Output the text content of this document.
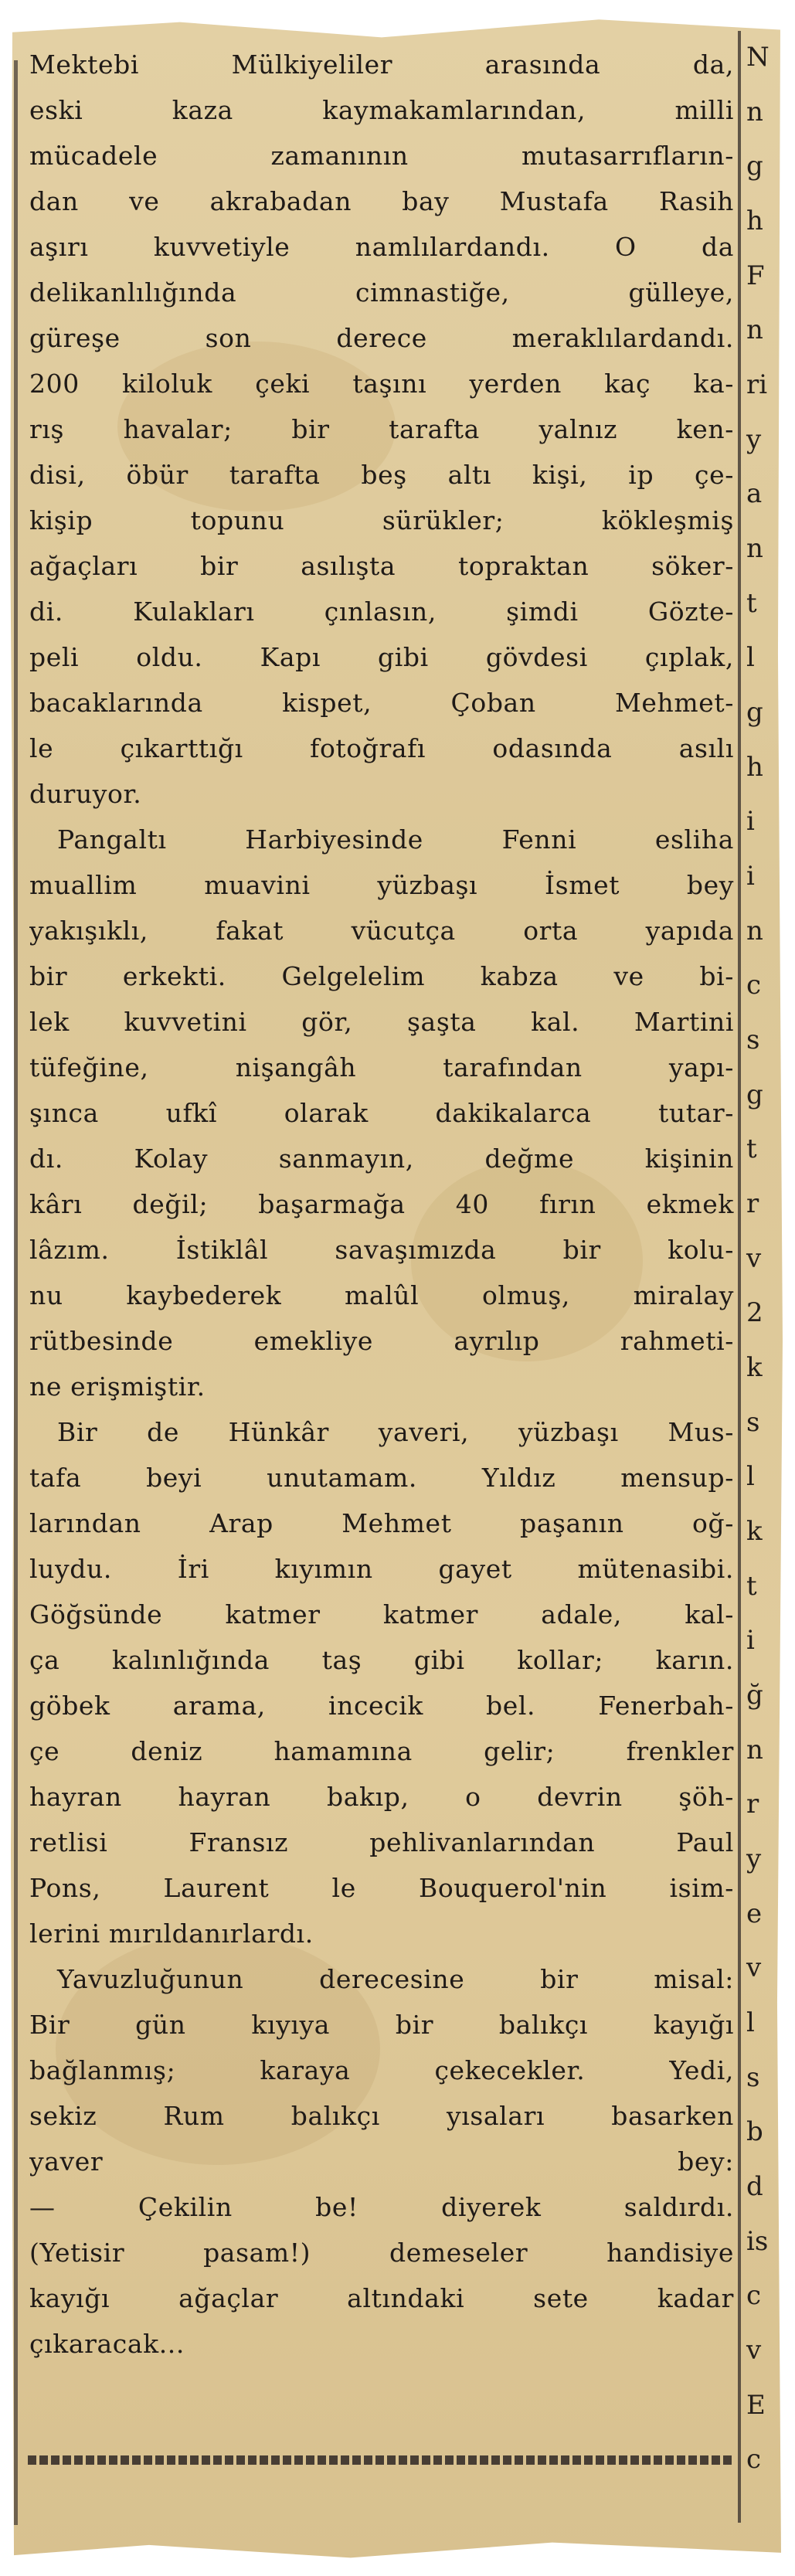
Mektebi Mülkiyeliler arasında da,
eski kaza kaymakamlarından, milli
mücadele zamanının mutasarrıfların-
dan ve akrabadan bay Mustafa Rasih
aşırı kuvvetiyle namlılardandı. O da
delikanlılığında cimnastiğe, gülleye,
güreşe son derece meraklılardandı.
200 kiloluk çeki taşını yerden kaç ka-
rış havalar; bir tarafta yalnız ken-
disi, öbür tarafta beş altı kişi, ip çe-
kişip topunu sürükler; kökleşmiş
ağaçları bir asılışta topraktan söker-
di. Kulakları çınlasın, şimdi Gözte-
peli oldu. Kapı gibi gövdesi çıplak,
bacaklarında kispet, Çoban Mehmet-
le çıkarttığı fotoğrafı odasında asılı
duruyor.
Pangaltı Harbiyesinde Fenni esliha
muallim muavini yüzbaşı İsmet bey
yakışıklı, fakat vücutça orta yapıda
bir erkekti. Gelgelelim kabza ve bi-
lek kuvvetini gör, şaşta kal. Martini
tüfeğine, nişangâh tarafından yapı-
şınca ufkî olarak dakikalarca tutar-
dı. Kolay sanmayın, değme kişinin
kârı değil; başarmağa 40 fırın ekmek
lâzım. İstiklâl savaşımızda bir kolu-
nu kaybederek malûl olmuş, miralay
rütbesinde emekliye ayrılıp rahmeti-
ne erişmiştir.
Bir de Hünkâr yaveri, yüzbaşı Mus-
tafa beyi unutamam. Yıldız mensup-
larından Arap Mehmet paşanın oğ-
luydu. İri kıyımın gayet mütenasibi.
Göğsünde katmer katmer adale, kal-
ça kalınlığında taş gibi kollar; karın.
göbek arama, incecik bel. Fenerbah-
çe deniz hamamına gelir; frenkler
hayran hayran bakıp, o devrin şöh-
retlisi Fransız pehlivanlarından Paul
Pons, Laurent le Bouquerol'nin isim-
lerini mırıldanırlardı.
Yavuzluğunun derecesine bir misal:
Bir gün kıyıya bir balıkçı kayığı
bağlanmış; karaya çekecekler. Yedi,
sekiz Rum balıkçı yısaları basarken
yaver bey:
— Çekilin be! diyerek saldırdı.
(Yetisir pasam!) demeseler handisiye
kayığı ağaçlar altındaki sete kadar
çıkaracak...
N
n
g
h
F
n
ri
y
a
n
t
l
g
h
i
i
n
c
s
g
t
r
v
2
k
s
l
k
t
i
ğ
n
r
y
e
v
l
s
b
d
is
c
v
E
c
